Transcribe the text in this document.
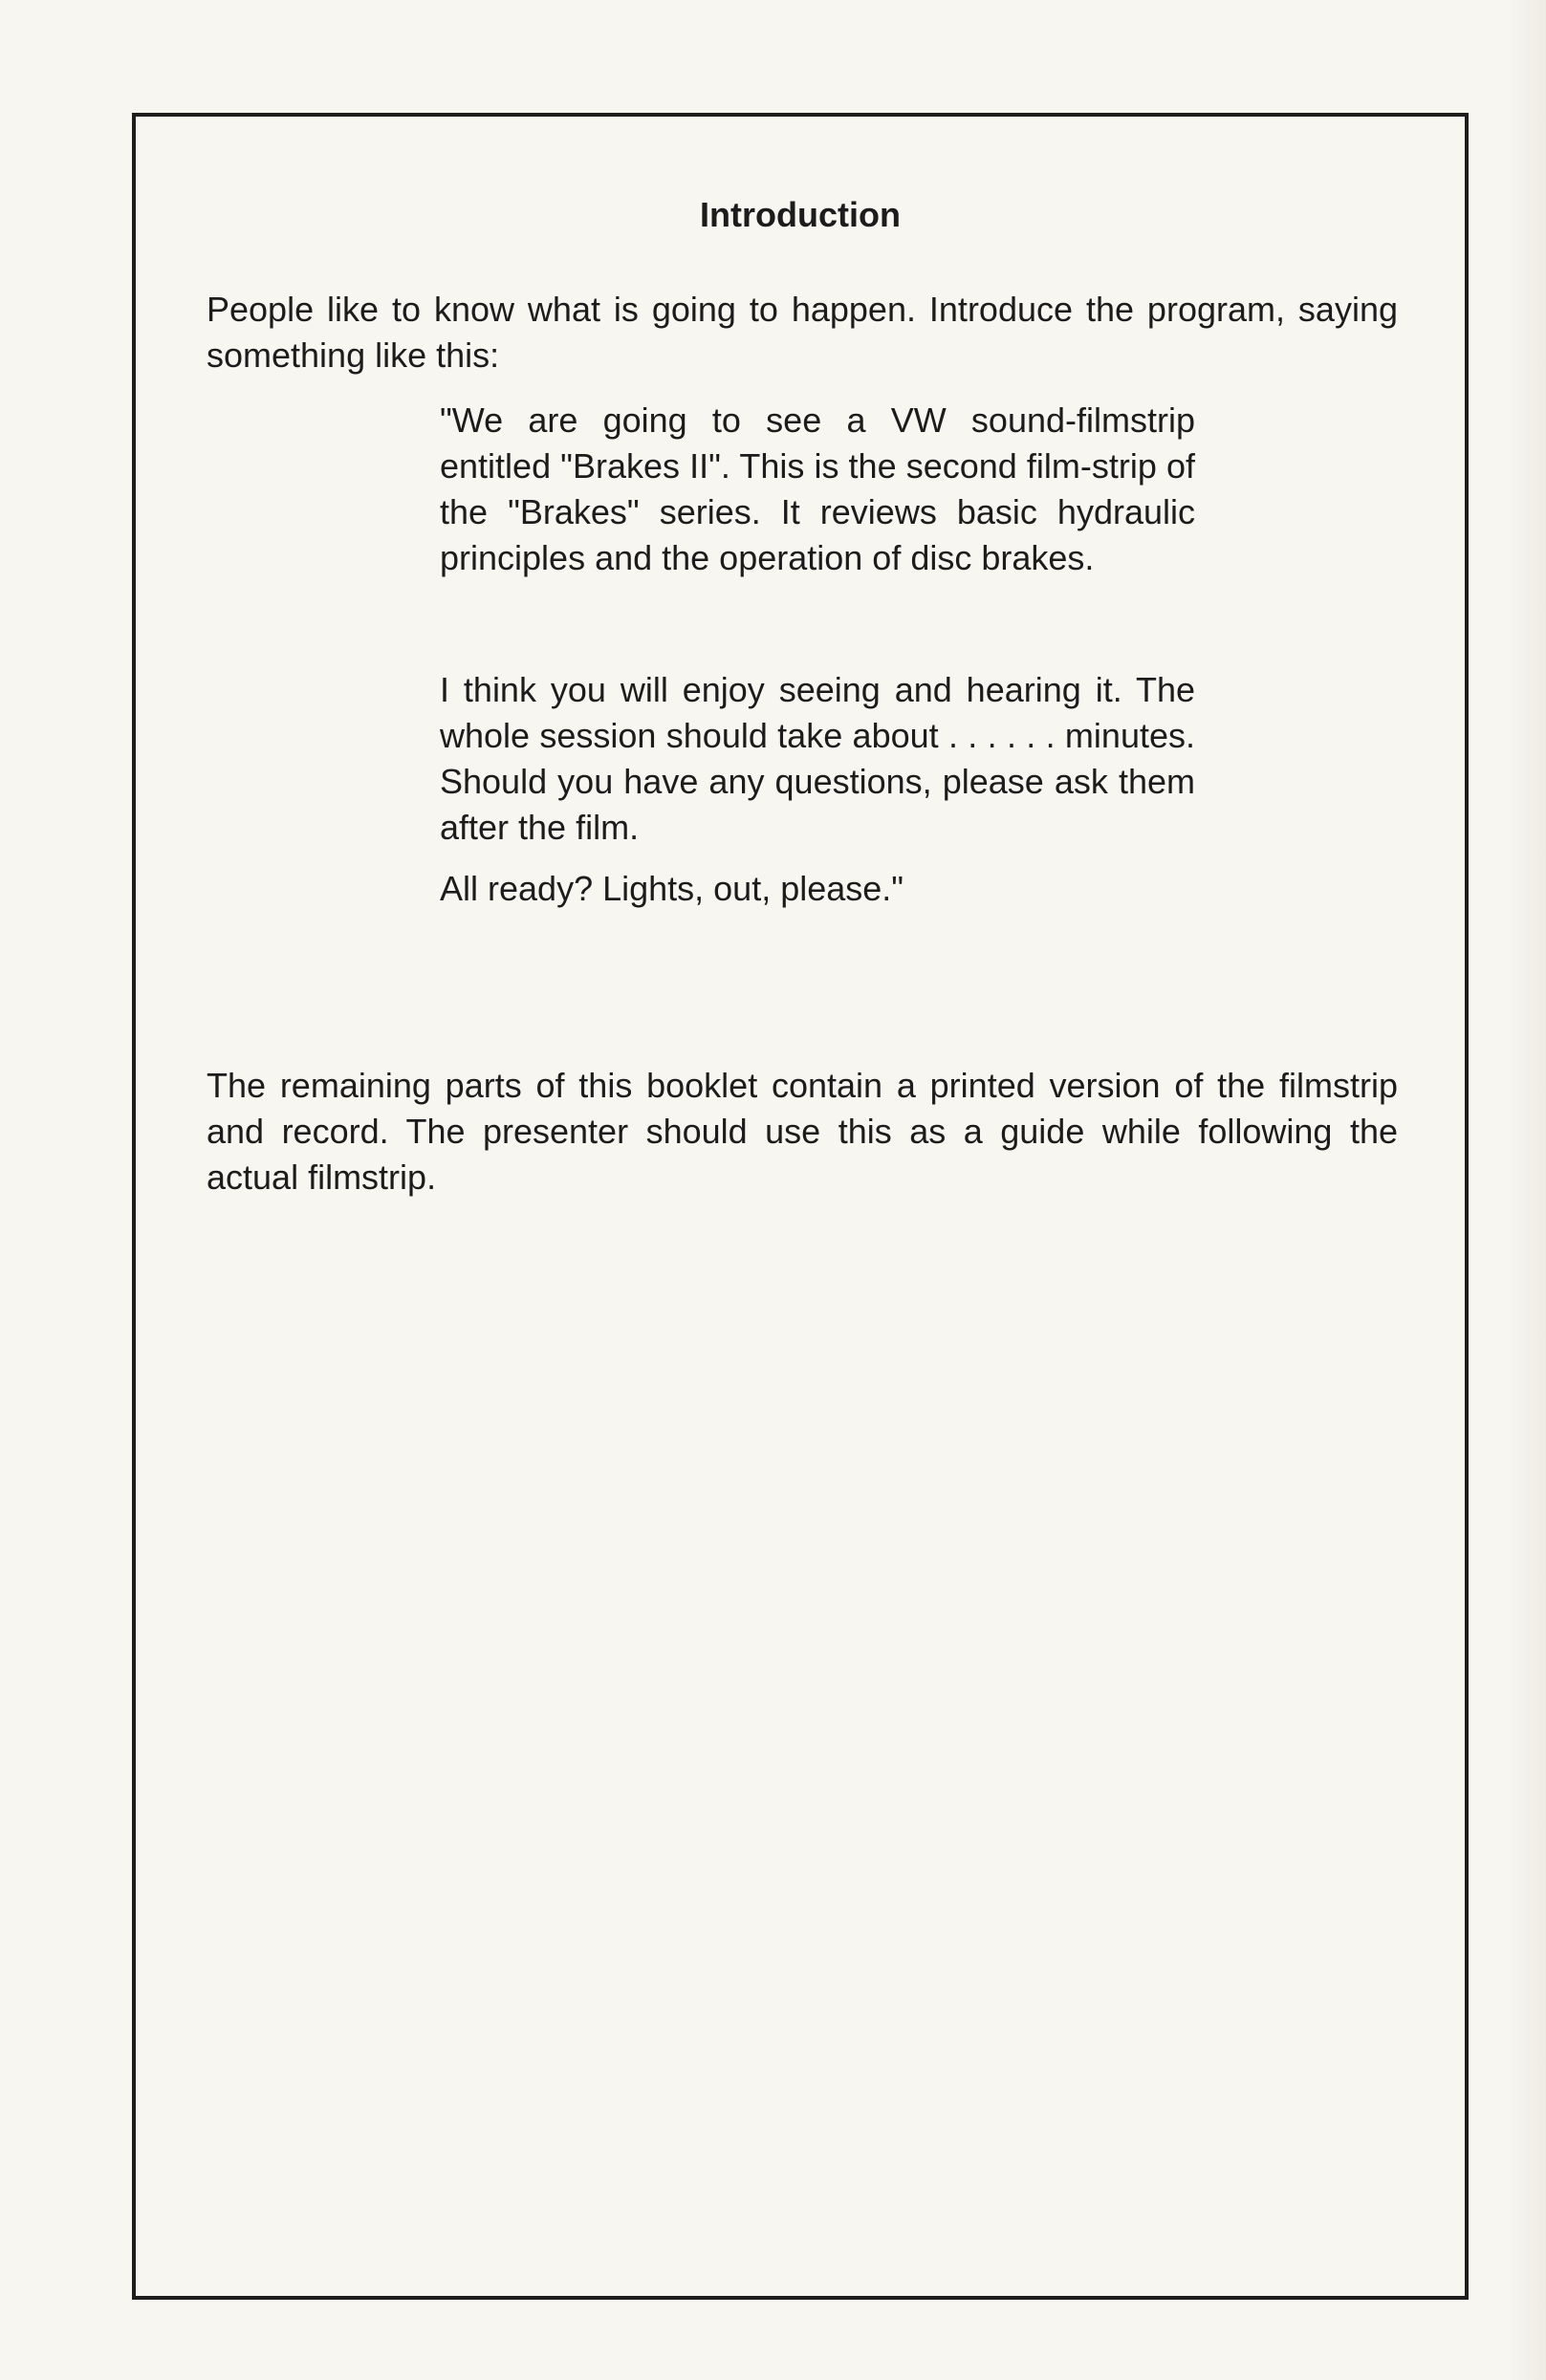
Introduction

People like to know what is going to happen. Introduce the program, saying something like this:

"We are going to see a VW sound-filmstrip entitled "Brakes II". This is the second film-strip of the "Brakes" series. It reviews basic hydraulic principles and the operation of disc brakes.

I think you will enjoy seeing and hearing it. The whole session should take about . . . . . . minutes. Should you have any questions, please ask them after the film.

All ready? Lights, out, please."

The remaining parts of this booklet contain a printed version of the filmstrip and record. The presenter should use this as a guide while following the actual filmstrip.
